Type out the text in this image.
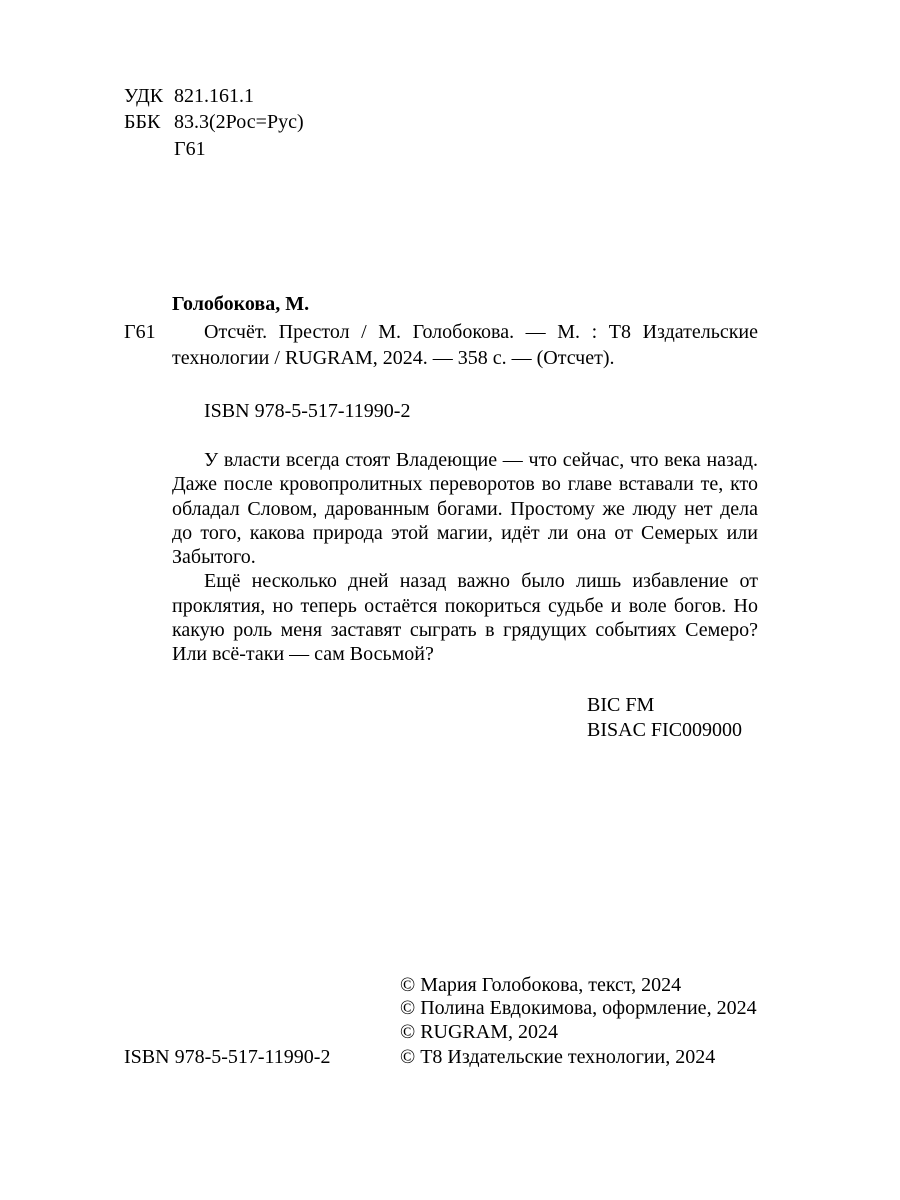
УДК 821.161.1
ББК 83.3(2Рос=Рус)
Г61
Голобокова, М.
Г61 Отсчёт. Престол / М. Голобокова. — М. : Т8 Издательские
технологии / RUGRAM, 2024. — 358 с. — (Отсчет).
ISBN 978-5-517-11990-2

У власти всегда стоят Владеющие — что сейчас, что века назад. Даже после кровопролитных переворотов во главе вставали те, кто обладал Словом, дарованным богами. Простому же люду нет дела до того, какова природа этой магии, идёт ли она от Семерых или Забытого.

Ещё несколько дней назад важно было лишь избавление от проклятия, но теперь остаётся покориться судьбе и воле богов. Но какую роль меня заставят сыграть в грядущих событиях Семеро? Или всё-таки — сам Восьмой?

BIC FM
BISAC FIC009000
© Мария Голобокова, текст, 2024
© Полина Евдокимова, оформление, 2024
© RUGRAM, 2024
© Т8 Издательские технологии, 2024
ISBN 978-5-517-11990-2
